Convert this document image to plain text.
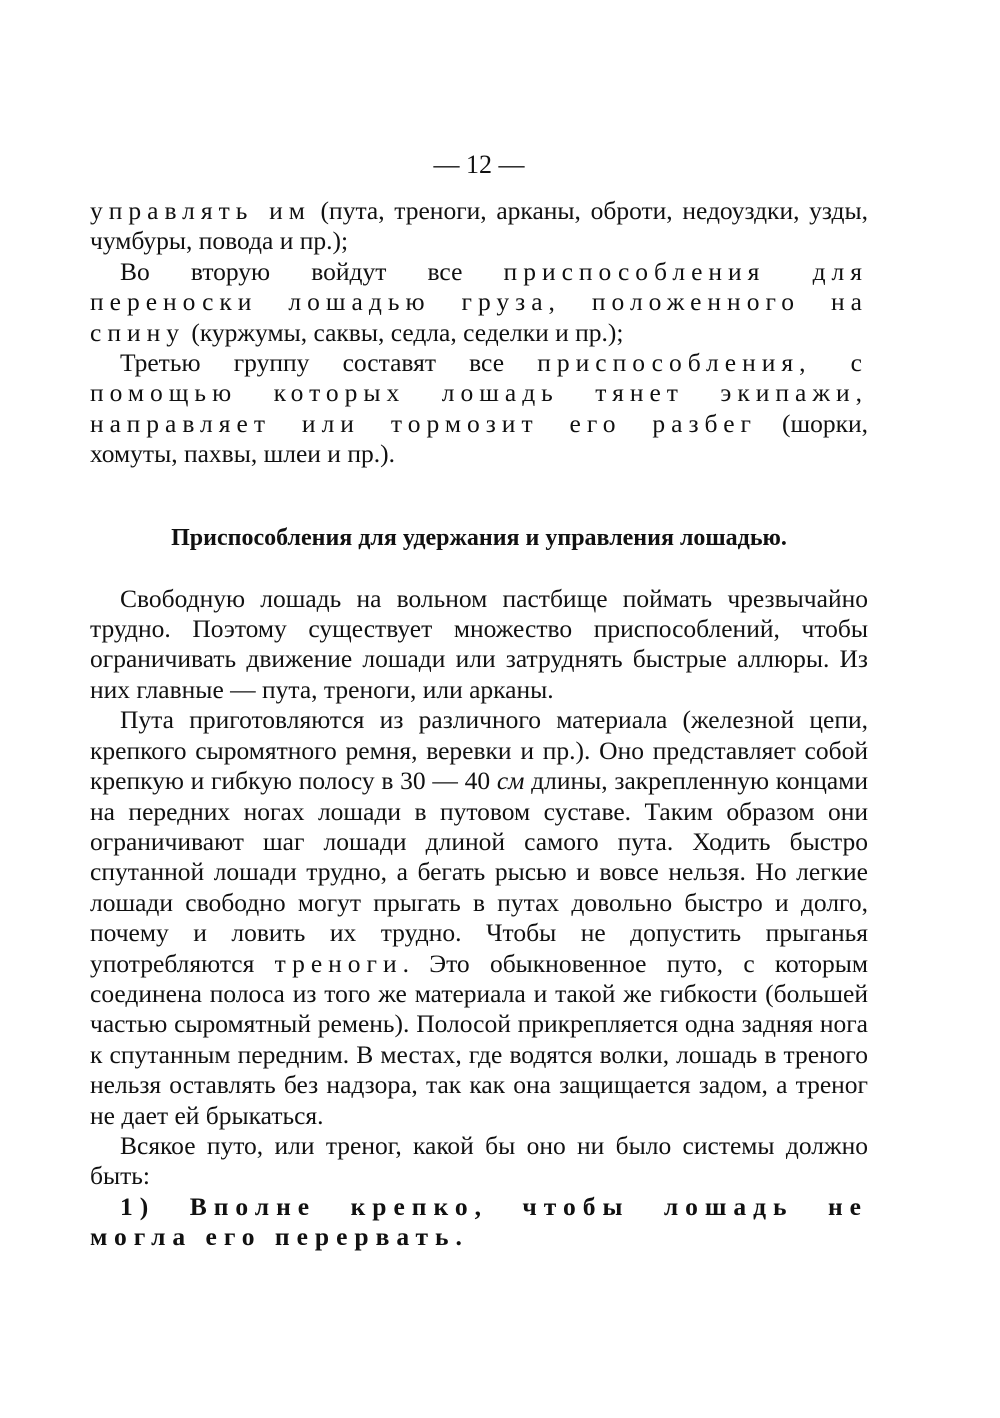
— 12 —

управлять им (пута, треноги, арканы, оброти, недоуздки, узды, чумбуры, повода и пр.);

Во вторую войдут все приспособления для переноски лошадью груза, положенного на спину (куржумы, саквы, седла, седелки и пр.);

Третью группу составят все приспособления, с помощью которых лошадь тянет экипажи, направляет или тормозит его разбег (шорки, хомуты, пахвы, шлеи и пр.).

Приспособления для удержания и управления лошадью.

Свободную лошадь на вольном пастбище поймать чрезвычайно трудно. Поэтому существует множество приспособлений, чтобы ограничивать движение лошади или затруднять быстрые аллюры. Из них главные — пута, треноги, или арканы.

Пута приготовляются из различного материала (железной цепи, крепкого сыромятного ремня, веревки и пр.). Оно представляет собой крепкую и гибкую полосу в 30 — 40 см длины, закрепленную концами на передних ногах лошади в путовом суставе. Таким образом они ограничивают шаг лошади длиной самого пута. Ходить быстро спутанной лошади трудно, а бегать рысью и вовсе нельзя. Но легкие лошади свободно могут прыгать в путах довольно быстро и долго, почему и ловить их трудно. Чтобы не допустить прыганья употребляются треноги. Это обыкновенное путо, с которым соединена полоса из того же материала и такой же гибкости (большей частью сыромятный ремень). Полосой прикрепляется одна задняя нога к спутанным передним. В местах, где водятся волки, лошадь в треного нельзя оставлять без надзора, так как она защищается задом, а треног не дает ей брыкаться.

Всякое путо, или треног, какой бы оно ни было системы должно быть:

1) Вполне крепко, чтобы лошадь не могла его перервать.
